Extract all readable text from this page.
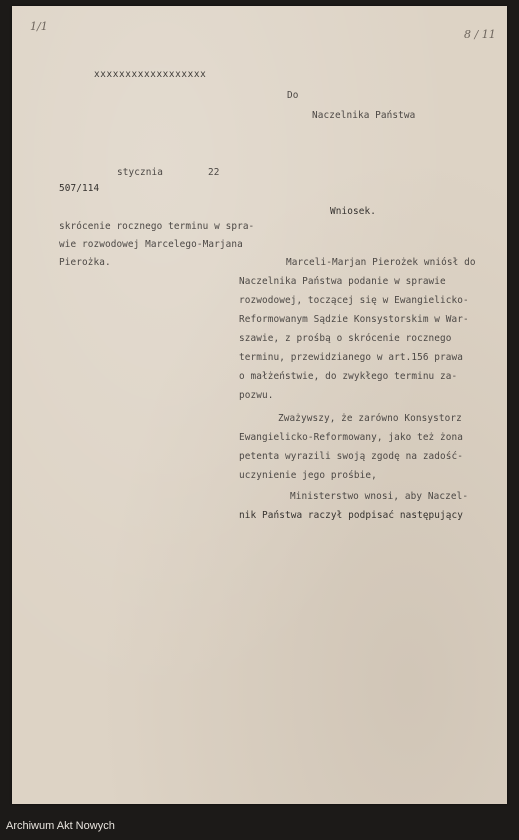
1/1
8 / 11
xxxxxxxxxxxxxxxxxx
Do
Naczelnika Państwa
stycznia	22
507/114
Wniosek.
skrócenie rocznego terminu w spra-
wie rozwodowej Marcelego-Marjana
Pierożka.	Marceli-Marjan Pierożek wniósł do
Naczelnika Państwa podanie w sprawie
rozwodowej, toczącej się w Ewangielicko-
Reformowanym Sądzie Konsystorskim w War-
szawie, z prośbą o skrócenie rocznego
terminu, przewidzianego w art.156 prawa
o małżeństwie, do zwykłego terminu za-
pozwu.
Zważywszy, że zarówno Konsystorz
Ewangielicko-Reformowany, jako też żona
petenta wyrazili swoją zgodę na zadość-
uczynienie jego prośbie,
Ministerstwo wnosi, aby Naczel-
nik Państwa raczył podpisać następujący
Archiwum Akt Nowych
